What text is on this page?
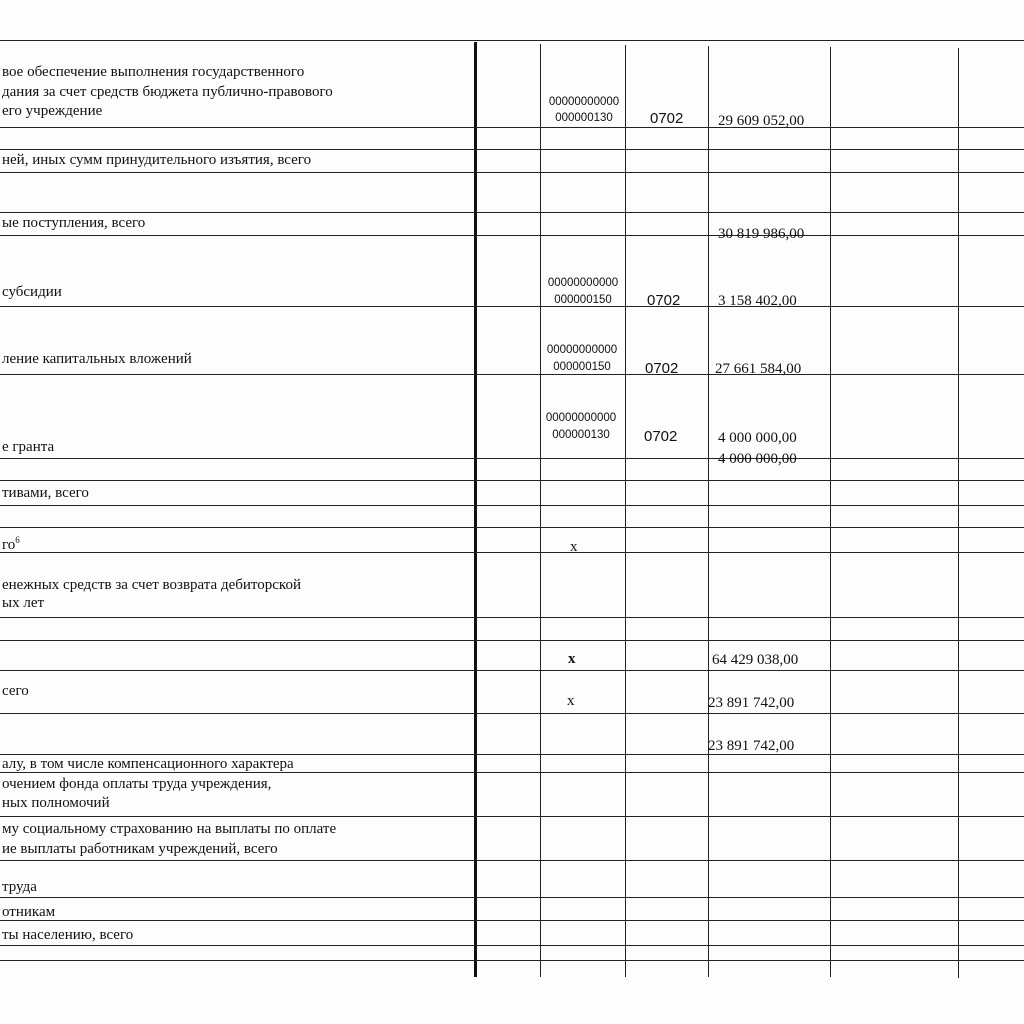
вое обеспечение выполнения государственного
дания за счет средств бюджета публично-правового
его учреждение
00000000000
000000130	0702 29 609 052,00
ней, иных сумм принудительного изъятия, всего
ые поступления, всего
30 819 986,00
субсидии
00000000000
000000150	0702	3 158 402,00
ление капитальных вложений
00000000000
000000150	0702 27 661 584,00
е гранта
00000000000
000000130	0702	4 000 000,00
4 000 000,00
тивами, всего
$го^6$	х
енежных средств за счет возврата дебиторской
ых лет
х	64 429 038,00
сего
х	23 891 742,00
23 891 742,00
алу, в том числе компенсационного характера
очением фонда оплаты труда учреждения,
ных полномочий
му социальному страхованию на выплаты по оплате
ие выплаты работникам учреждений, всего
труда
отникам
ты населению, всего
